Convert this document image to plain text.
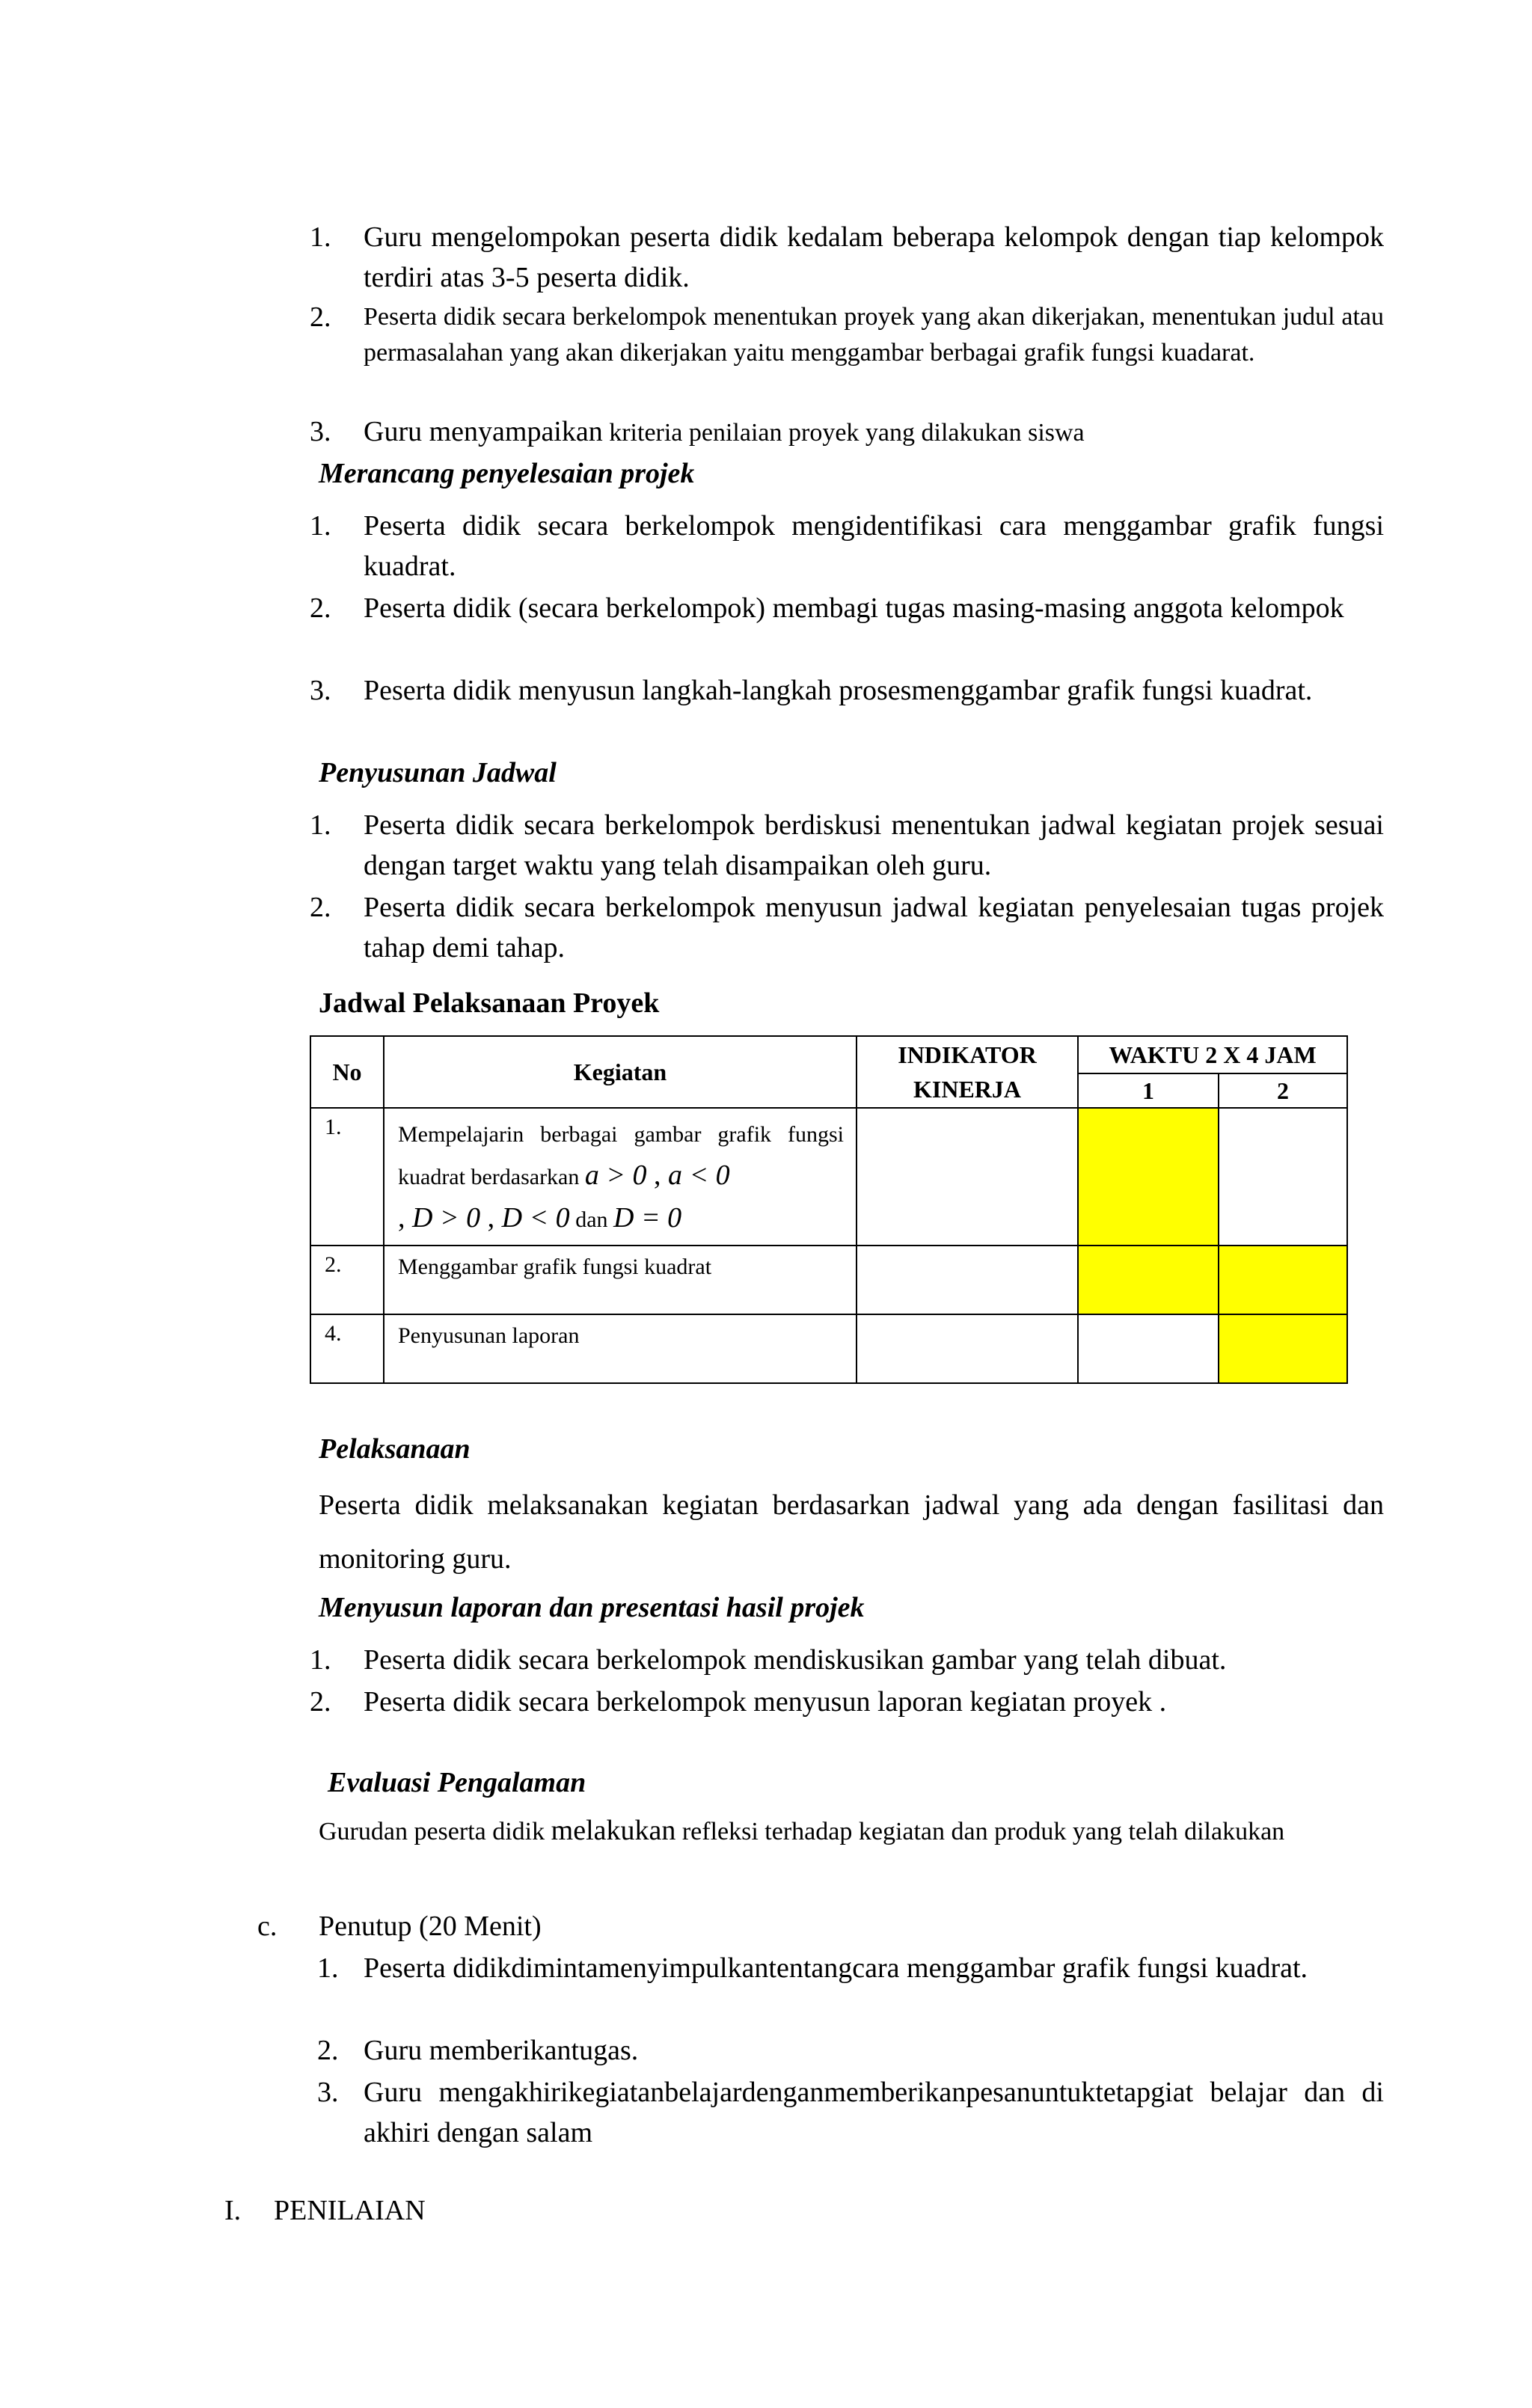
1. Guru mengelompokan peserta didik kedalam beberapa kelompok dengan tiap kelompok terdiri atas 3-5 peserta didik.
2. Peserta didik secara berkelompok menentukan proyek yang akan dikerjakan, menentukan judul atau permasalahan yang akan dikerjakan yaitu menggambar berbagai grafik fungsi kuadarat.
3. Guru menyampaikan kriteria penilaian proyek yang dilakukan siswa
Merancang penyelesaian projek
1. Peserta didik secara berkelompok mengidentifikasi cara menggambar grafik fungsi kuadrat.
2. Peserta didik (secara berkelompok) membagi tugas masing-masing anggota kelompok
3. Peserta didik menyusun langkah-langkah prosesmenggambar grafik fungsi kuadrat.
Penyusunan Jadwal
1. Peserta didik secara berkelompok berdiskusi menentukan jadwal kegiatan projek sesuai dengan target waktu yang telah disampaikan oleh guru.
2. Peserta didik secara berkelompok menyusun jadwal kegiatan penyelesaian tugas projek tahap demi tahap.
Jadwal Pelaksanaan Proyek
No	Kegiatan	INDIKATOR KINERJA	WAKTU 2 X 4 JAM	
			1	2
1.	Mempelajarin berbagai gambar grafik fungsi kuadrat berdasarkan a > 0 , a < 0
, D > 0 , D < 0 dan D = 0			
2.	Menggambar grafik fungsi kuadrat			
4.	Penyusunan laporan			
Pelaksanaan
Peserta didik melaksanakan kegiatan berdasarkan jadwal yang ada dengan fasilitasi dan monitoring guru.
Menyusun laporan dan presentasi hasil projek
1. Peserta didik secara berkelompok mendiskusikan gambar yang telah dibuat.
2. Peserta didik secara berkelompok menyusun laporan kegiatan proyek .
Evaluasi Pengalaman
Gurudan peserta didik melakukan refleksi terhadap kegiatan dan produk yang telah dilakukan
c. Penutup (20 Menit)
1. Peserta didikdimintamenyimpulkantentangcara menggambar grafik fungsi kuadrat.
2. Guru memberikantugas.
3. Guru mengakhirikegiatanbelajardenganmemberikanpesanuntuktetapgiat belajar dan di akhiri dengan salam
I. PENILAIAN
